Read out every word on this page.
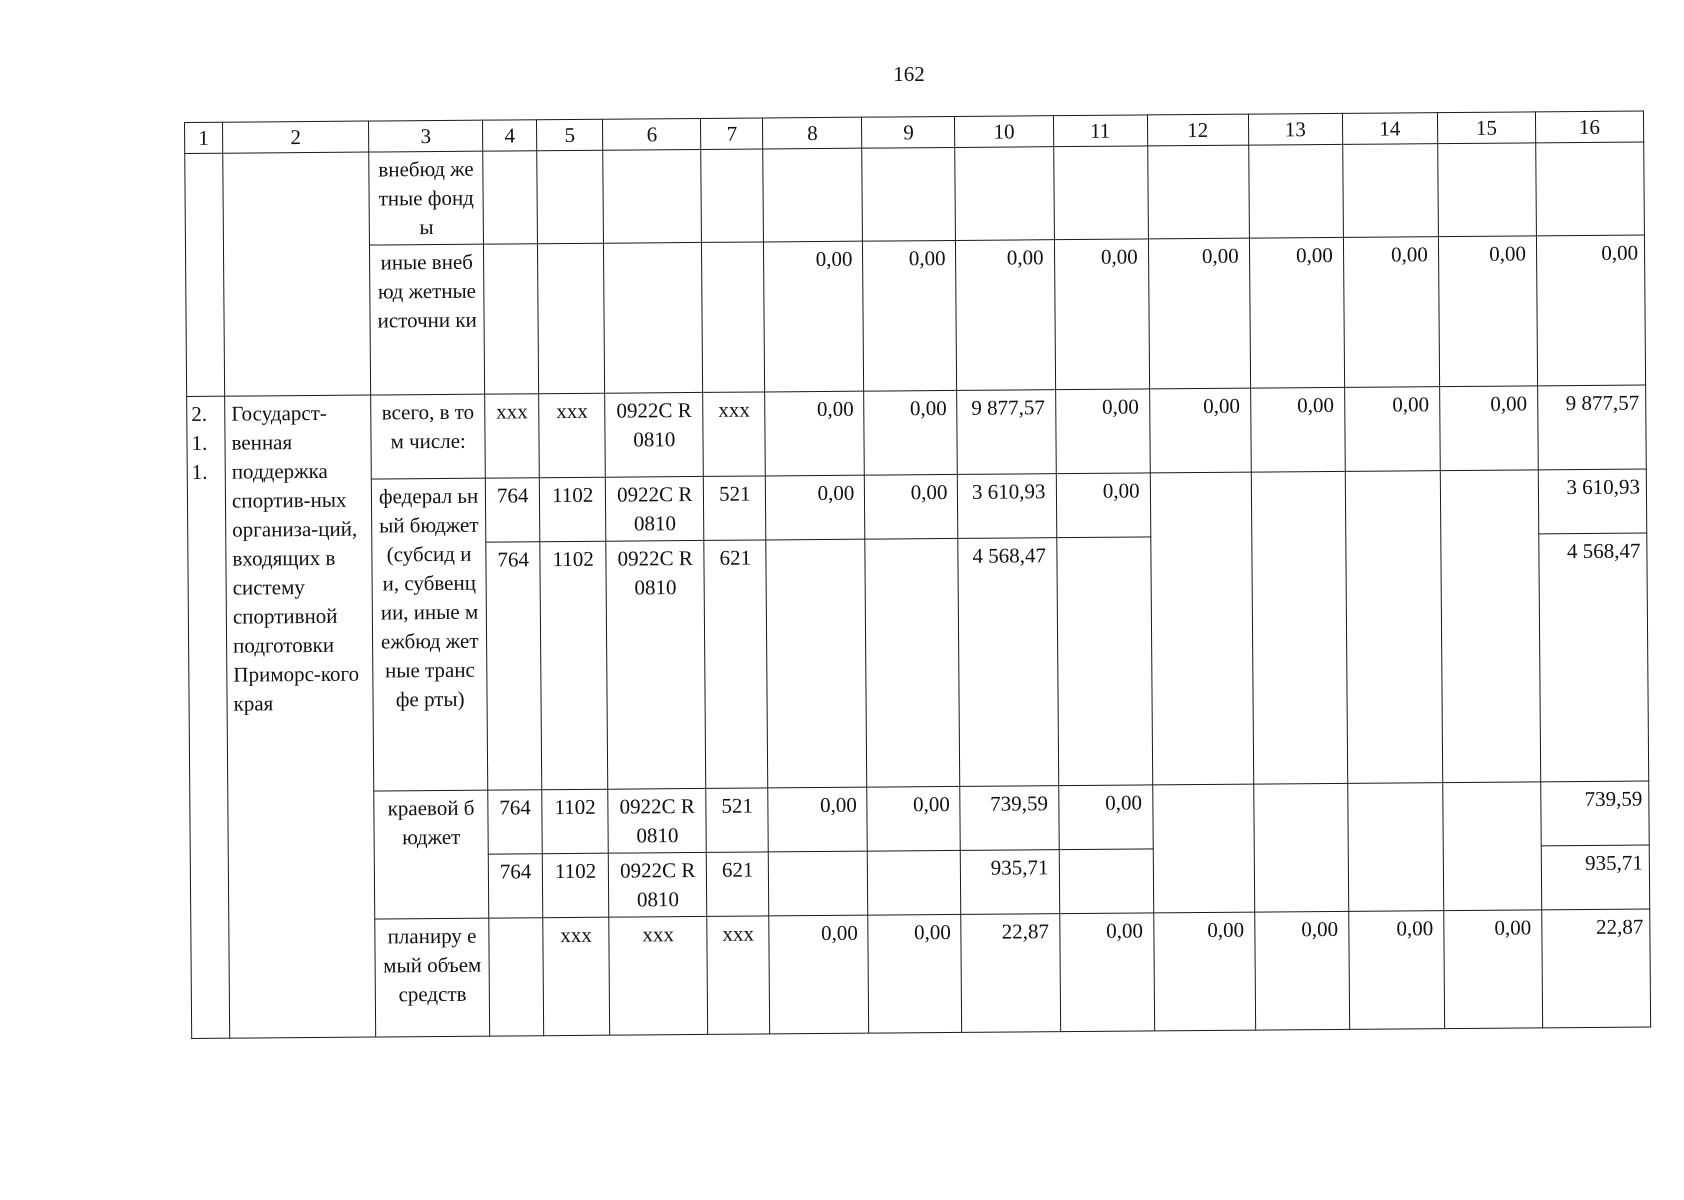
162
1	2	3	4	5	6	7	8	9	10	11	12	13	14	15	16
		внебюд жетные фонды													
		иные внебюд жетные источни ки					0,00	0,00	0,00	0,00	0,00	0,00	0,00	0,00	0,00
2. 1. 1.	Государст-венная поддержка спортив-ных организа-ций, входящих в систему спортивной подготовки Приморс-кого края	всего, в том числе:	xxx	xxx	0922C R0810	xxx	0,00	0,00	9 877,57	0,00	0,00	0,00	0,00	0,00	9 877,57
		федерал ьный бюджет (субсид ии, субвенц ии, иные межбюд жетные трансфе рты)	764	1102	0922C R0810	521	0,00	0,00	3 610,93	0,00					3 610,93
			764	1102	0922C R0810	621			4 568,47						4 568,47
		краевой бюджет	764	1102	0922C R0810	521	0,00	0,00	739,59	0,00					739,59
			764	1102	0922C R0810	621			935,71						935,71
		планиру емый объем средств		xxx	xxx	xxx	0,00	0,00	22,87	0,00	0,00	0,00	0,00	0,00	22,87
